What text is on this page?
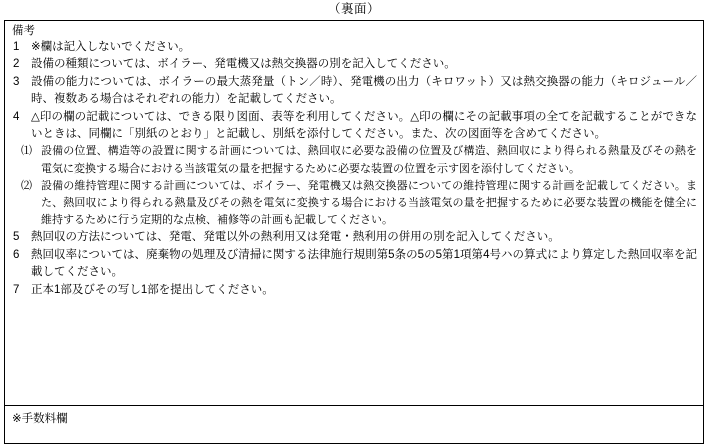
（裏面）
備考
1	※欄は記入しないでください。
2	設備の種類については、ボイラー、発電機又は熱交換器の別を記入してください。
3	設備の能力については、ボイラーの最大蒸発量（トン／時）、発電機の出力（キロワット）又は熱交換器の能力（キロジュール／時、複数ある場合はそれぞれの能力）を記載してください。
4	△印の欄の記載については、できる限り図面、表等を利用してください。△印の欄にその記載事項の全てを記載することができないときは、同欄に「別紙のとおり」と記載し、別紙を添付してください。また、次の図面等を含めてください。
⑴ 設備の位置、構造等の設置に関する計画については、熱回収に必要な設備の位置及び構造、熱回収により得られる熱量及びその熱を電気に変換する場合における当該電気の量を把握するために必要な装置の位置を示す図を添付してください。
⑵ 設備の維持管理に関する計画については、ボイラー、発電機又は熱交換器についての維持管理に関する計画を記載してください。また、熱回収により得られる熱量及びその熱を電気に変換する場合における当該電気の量を把握するために必要な装置の機能を健全に維持するために行う定期的な点検、補修等の計画も記載してください。
5	熱回収の方法については、発電、発電以外の熱利用又は発電・熱利用の併用の別を記入してください。
6	熱回収率については、廃棄物の処理及び清掃に関する法律施行規則第5条の5の5第1項第4号ハの算式により算定した熱回収率を記載してください。
7	正本1部及びその写し1部を提出してください。
※手数料欄
